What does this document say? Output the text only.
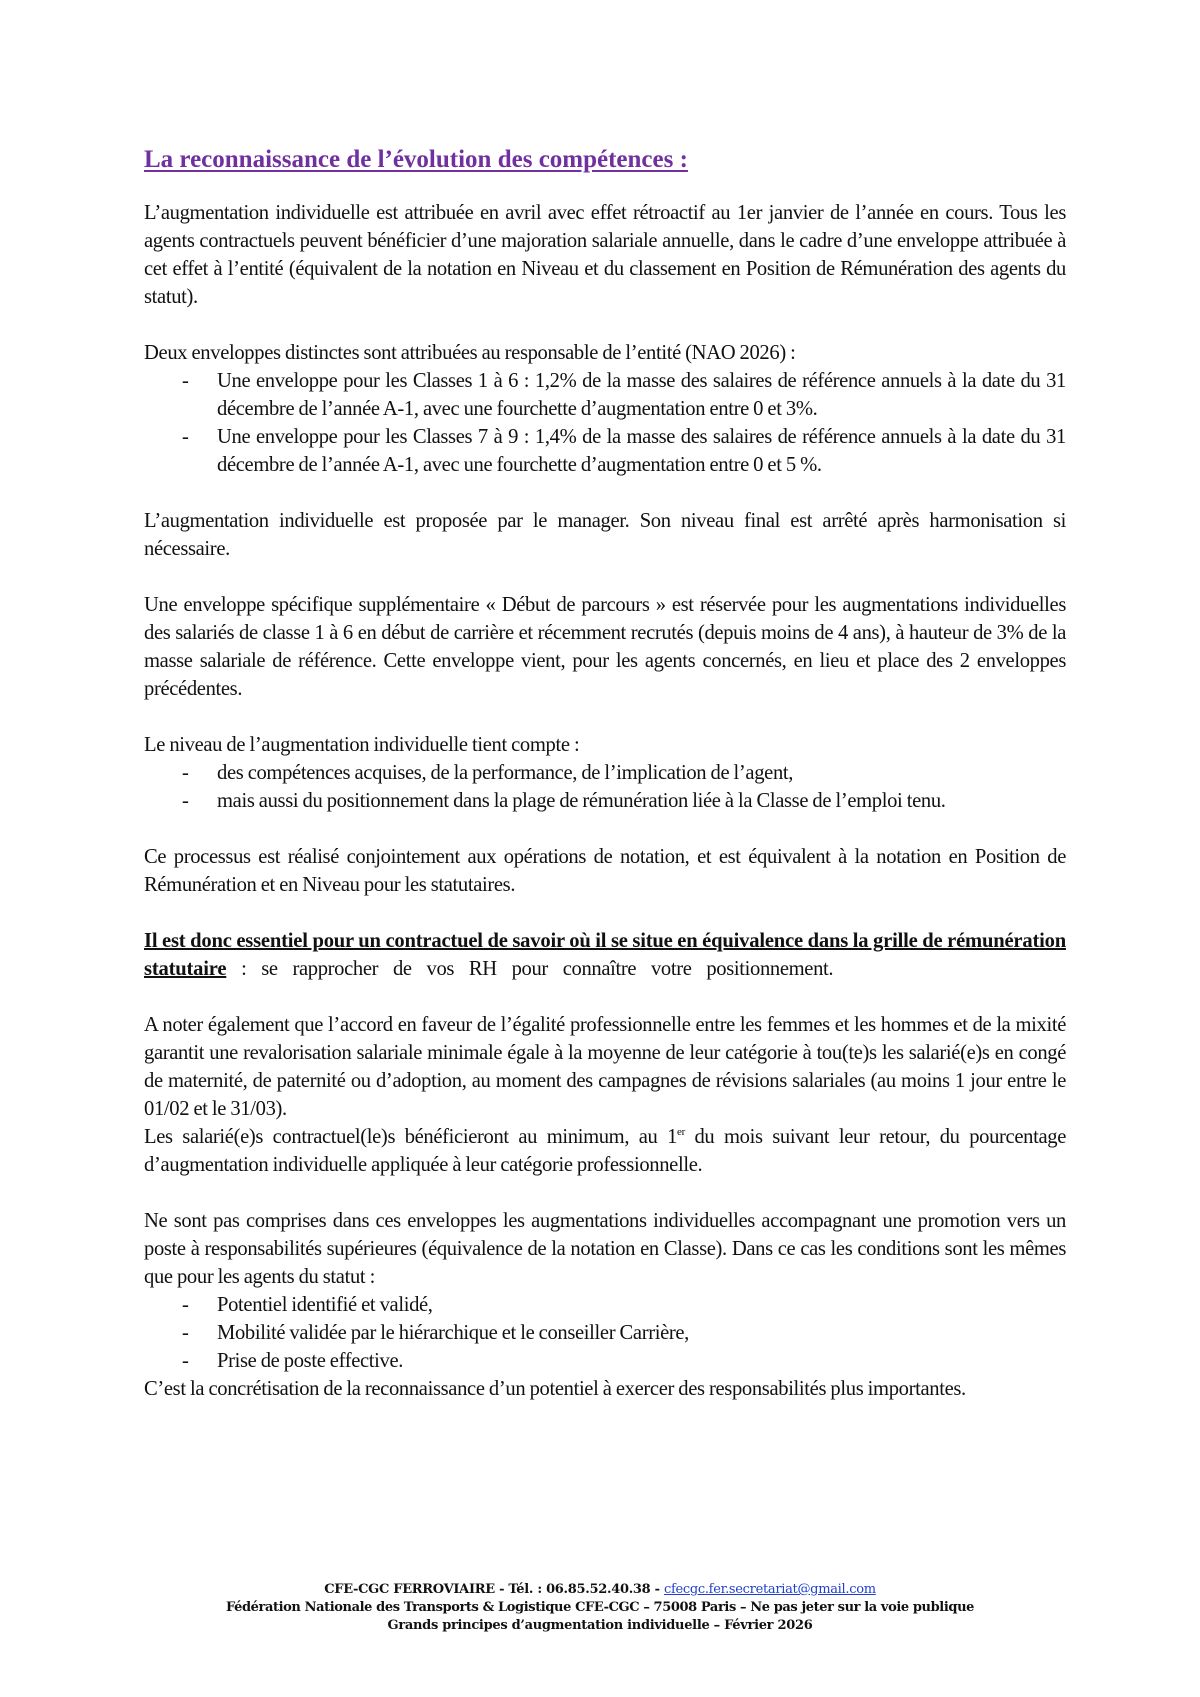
La reconnaissance de l’évolution des compétences :

L’augmentation individuelle est attribuée en avril avec effet rétroactif au 1er janvier de l’année en cours. Tous les agents contractuels peuvent bénéficier d’une majoration salariale annuelle, dans le cadre d’une enveloppe attribuée à cet effet à l’entité (équivalent de la notation en Niveau et du classement en Position de Rémunération des agents du statut).

Deux enveloppes distinctes sont attribuées au responsable de l’entité (NAO 2026) :

- Une enveloppe pour les Classes 1 à 6 : 1,2% de la masse des salaires de référence annuels à la date du 31 décembre de l’année A-1, avec une fourchette d’augmentation entre 0 et 3%.
- Une enveloppe pour les Classes 7 à 9 : 1,4% de la masse des salaires de référence annuels à la date du 31 décembre de l’année A-1, avec une fourchette d’augmentation entre 0 et 5 %.

L’augmentation individuelle est proposée par le manager. Son niveau final est arrêté après harmonisation si nécessaire.

Une enveloppe spécifique supplémentaire « Début de parcours » est réservée pour les augmentations individuelles des salariés de classe 1 à 6 en début de carrière et récemment recrutés (depuis moins de 4 ans), à hauteur de 3% de la masse salariale de référence. Cette enveloppe vient, pour les agents concernés, en lieu et place des 2 enveloppes précédentes.

Le niveau de l’augmentation individuelle tient compte :

- des compétences acquises, de la performance, de l’implication de l’agent,
- mais aussi du positionnement dans la plage de rémunération liée à la Classe de l’emploi tenu.

Ce processus est réalisé conjointement aux opérations de notation, et est équivalent à la notation en Position de Rémunération et en Niveau pour les statutaires.

Il est donc essentiel pour un contractuel de savoir où il se situe en équivalence dans la grille de rémunération statutaire : se rapprocher de vos RH pour connaître votre positionnement.

A noter également que l’accord en faveur de l’égalité professionnelle entre les femmes et les hommes et de la mixité garantit une revalorisation salariale minimale égale à la moyenne de leur catégorie à tou(te)s les salarié(e)s en congé de maternité, de paternité ou d’adoption, au moment des campagnes de révisions salariales (au moins 1 jour entre le 01/02 et le 31/03).

Les salarié(e)s contractuel(le)s bénéficieront au minimum, au 1er du mois suivant leur retour, du pourcentage d’augmentation individuelle appliquée à leur catégorie professionnelle.

Ne sont pas comprises dans ces enveloppes les augmentations individuelles accompagnant une promotion vers un poste à responsabilités supérieures (équivalence de la notation en Classe). Dans ce cas les conditions sont les mêmes que pour les agents du statut :

- Potentiel identifié et validé,
- Mobilité validée par le hiérarchique et le conseiller Carrière,
- Prise de poste effective.

C’est la concrétisation de la reconnaissance d’un potentiel à exercer des responsabilités plus importantes.

CFE-CGC FERROVIAIRE - Tél. : 06.85.52.40.38 - cfecgc.fer.secretariat@gmail.com
Fédération Nationale des Transports & Logistique CFE-CGC – 75008 Paris – Ne pas jeter sur la voie publique
Grands principes d’augmentation individuelle – Février 2026
